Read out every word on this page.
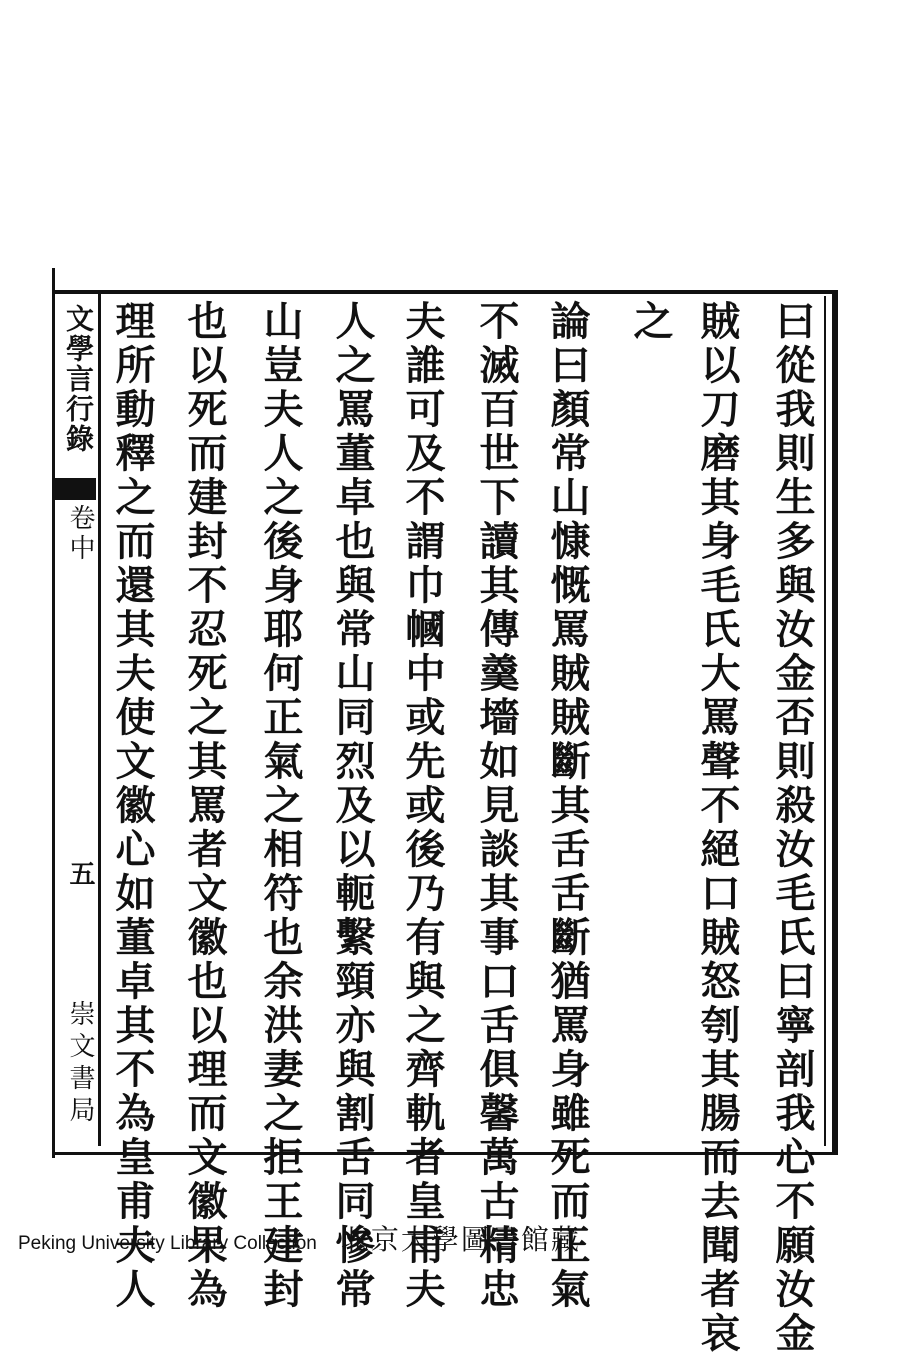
文學言行錄
卷中
五
崇文書局	曰從我則生多與汝金否則殺汝毛氏曰寧剖我心不願汝金
賊以刀磨其身毛氏大罵聲不絕口賊怒刳其腸而去聞者哀
之
論曰顏常山慷慨罵賊賊斷其舌舌斷猶罵身雖死而正氣
不滅百世下讀其傳羹墻如見談其事口舌俱馨萬古精忠
夫誰可及不謂巾幗中或先或後乃有與之齊軌者皇甫夫
人之罵董卓也與常山同烈及以軛繫頸亦與割舌同慘常
山豈夫人之後身耶何正氣之相符也余洪妻之拒王建封
也以死而建封不忍死之其罵者文徽也以理而文徽果為
理所動釋之而還其夫使文徽心如董卓其不為皇甫夫人
Peking University Library Collection 北京大學圖書館藏
